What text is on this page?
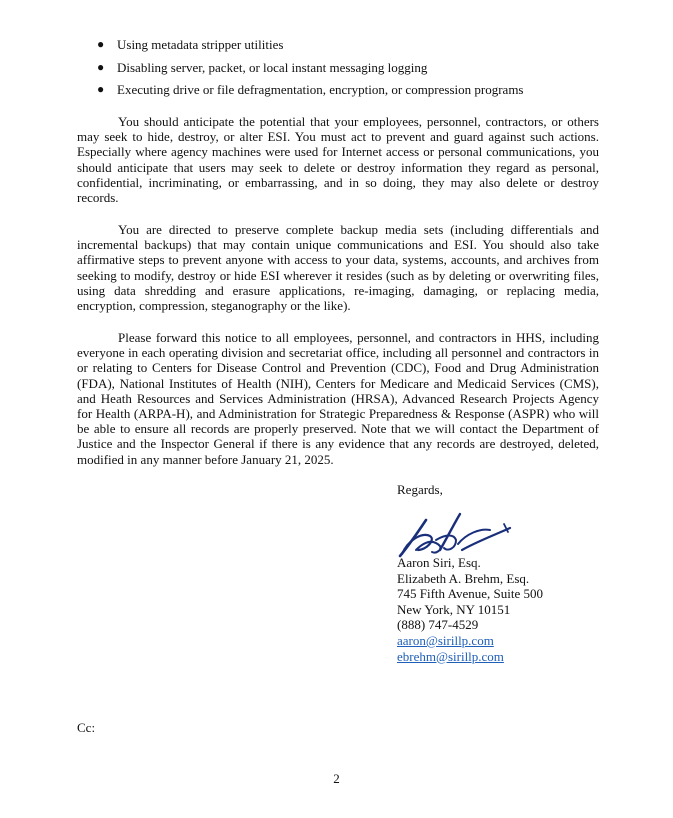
● Using metadata stripper utilities
● Disabling server, packet, or local instant messaging logging
● Executing drive or file defragmentation, encryption, or compression programs

You should anticipate the potential that your employees, personnel, contractors, or others may seek to hide, destroy, or alter ESI. You must act to prevent and guard against such actions. Especially where agency machines were used for Internet access or personal communications, you should anticipate that users may seek to delete or destroy information they regard as personal, confidential, incriminating, or embarrassing, and in so doing, they may also delete or destroy records.

You are directed to preserve complete backup media sets (including differentials and incremental backups) that may contain unique communications and ESI. You should also take affirmative steps to prevent anyone with access to your data, systems, accounts, and archives from seeking to modify, destroy or hide ESI wherever it resides (such as by deleting or overwriting files, using data shredding and erasure applications, re-imaging, damaging, or replacing media, encryption, compression, steganography or the like).

Please forward this notice to all employees, personnel, and contractors in HHS, including everyone in each operating division and secretariat office, including all personnel and contractors in or relating to Centers for Disease Control and Prevention (CDC), Food and Drug Administration (FDA), National Institutes of Health (NIH), Centers for Medicare and Medicaid Services (CMS), and Heath Resources and Services Administration (HRSA), Advanced Research Projects Agency for Health (ARPA-H), and Administration for Strategic Preparedness & Response (ASPR) who will be able to ensure all records are properly preserved. Note that we will contact the Department of Justice and the Inspector General if there is any evidence that any records are destroyed, deleted, modified in any manner before January 21, 2025.

Regards,
Aaron Siri, Esq.
Elizabeth A. Brehm, Esq.
745 Fifth Avenue, Suite 500
New York, NY 10151
(888) 747-4529
aaron@sirillp.com
ebrehm@sirillp.com
Cc:
2
